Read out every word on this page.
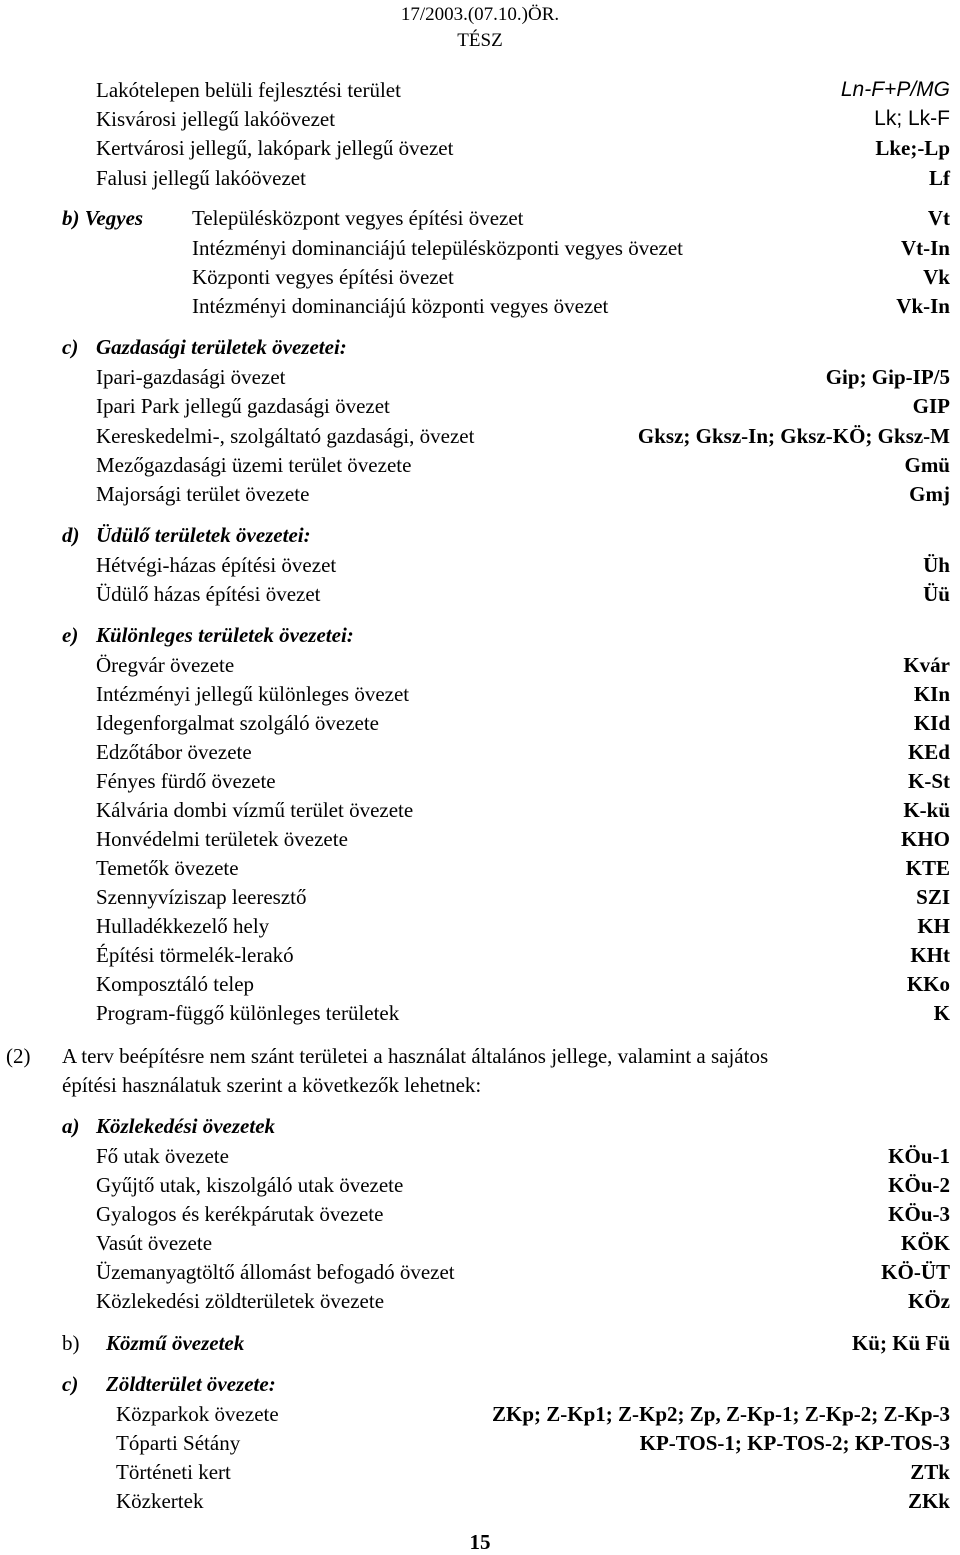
17/2003.(07.10.)ÖR.
TÉSZ
Lakótelepen belüli fejlesztési terület	Ln-F+P/MG
Kisvárosi jellegű lakóövezet	Lk; Lk-F
Kertvárosi jellegű, lakópark jellegű övezet	Lke;-Lp
Falusi jellegű lakóövezet	Lf
b) Vegyes Településközpont vegyes építési övezet	Vt
Intézményi dominanciájú településközponti vegyes övezet	Vt-In
Központi vegyes építési övezet	Vk
Intézményi dominanciájú központi vegyes övezet	Vk-In
c) Gazdasági területek övezetei:
Ipari-gazdasági övezet	Gip; Gip-IP/5
Ipari Park jellegű gazdasági övezet	GIP
Kereskedelmi-, szolgáltató gazdasági, övezet	Gksz; Gksz-In; Gksz-KÖ; Gksz-M
Mezőgazdasági üzemi terület övezete	Gmü
Majorsági terület övezete	Gmj
d) Üdülő területek övezetei:
Hétvégi-házas építési övezet	Üh
Üdülő házas építési övezet	Üü
e) Különleges területek övezetei:
Öregvár övezete	Kvár
Intézményi jellegű különleges övezet	KIn
Idegenforgalmat szolgáló övezete	KId
Edzőtábor övezete	KEd
Fényes fürdő övezete	K-St
Kálvária dombi vízmű terület övezete	K-kü
Honvédelmi területek övezete	KHO
Temetők övezete	KTE
Szennyvíziszap leeresztő	SZI
Hulladékkezelő hely	KH
Építési törmelék-lerakó	KHt
Komposztáló telep	KKo
Program-függő különleges területek	K
(2) A terv beépítésre nem szánt területei a használat általános jellege, valamint a sajátos
építési használatuk szerint a következők lehetnek:
a) Közlekedési övezetek
Fő utak övezete	KÖu-1
Gyűjtő utak, kiszolgáló utak övezete	KÖu-2
Gyalogos és kerékpárutak övezete	KÖu-3
Vasút övezete	KÖK
Üzemanyagtöltő állomást befogadó övezet	KÖ-ÜT
Közlekedési zöldterületek övezete	KÖz
b) Közmű övezetek	Kü; Kü Fü
c) Zöldterület övezete:
Közparkok övezete	ZKp; Z-Kp1; Z-Kp2; Zp, Z-Kp-1; Z-Kp-2; Z-Kp-3
Tóparti Sétány	KP-TOS-1; KP-TOS-2; KP-TOS-3
Történeti kert	ZTk
Közkertek	ZKk
15
